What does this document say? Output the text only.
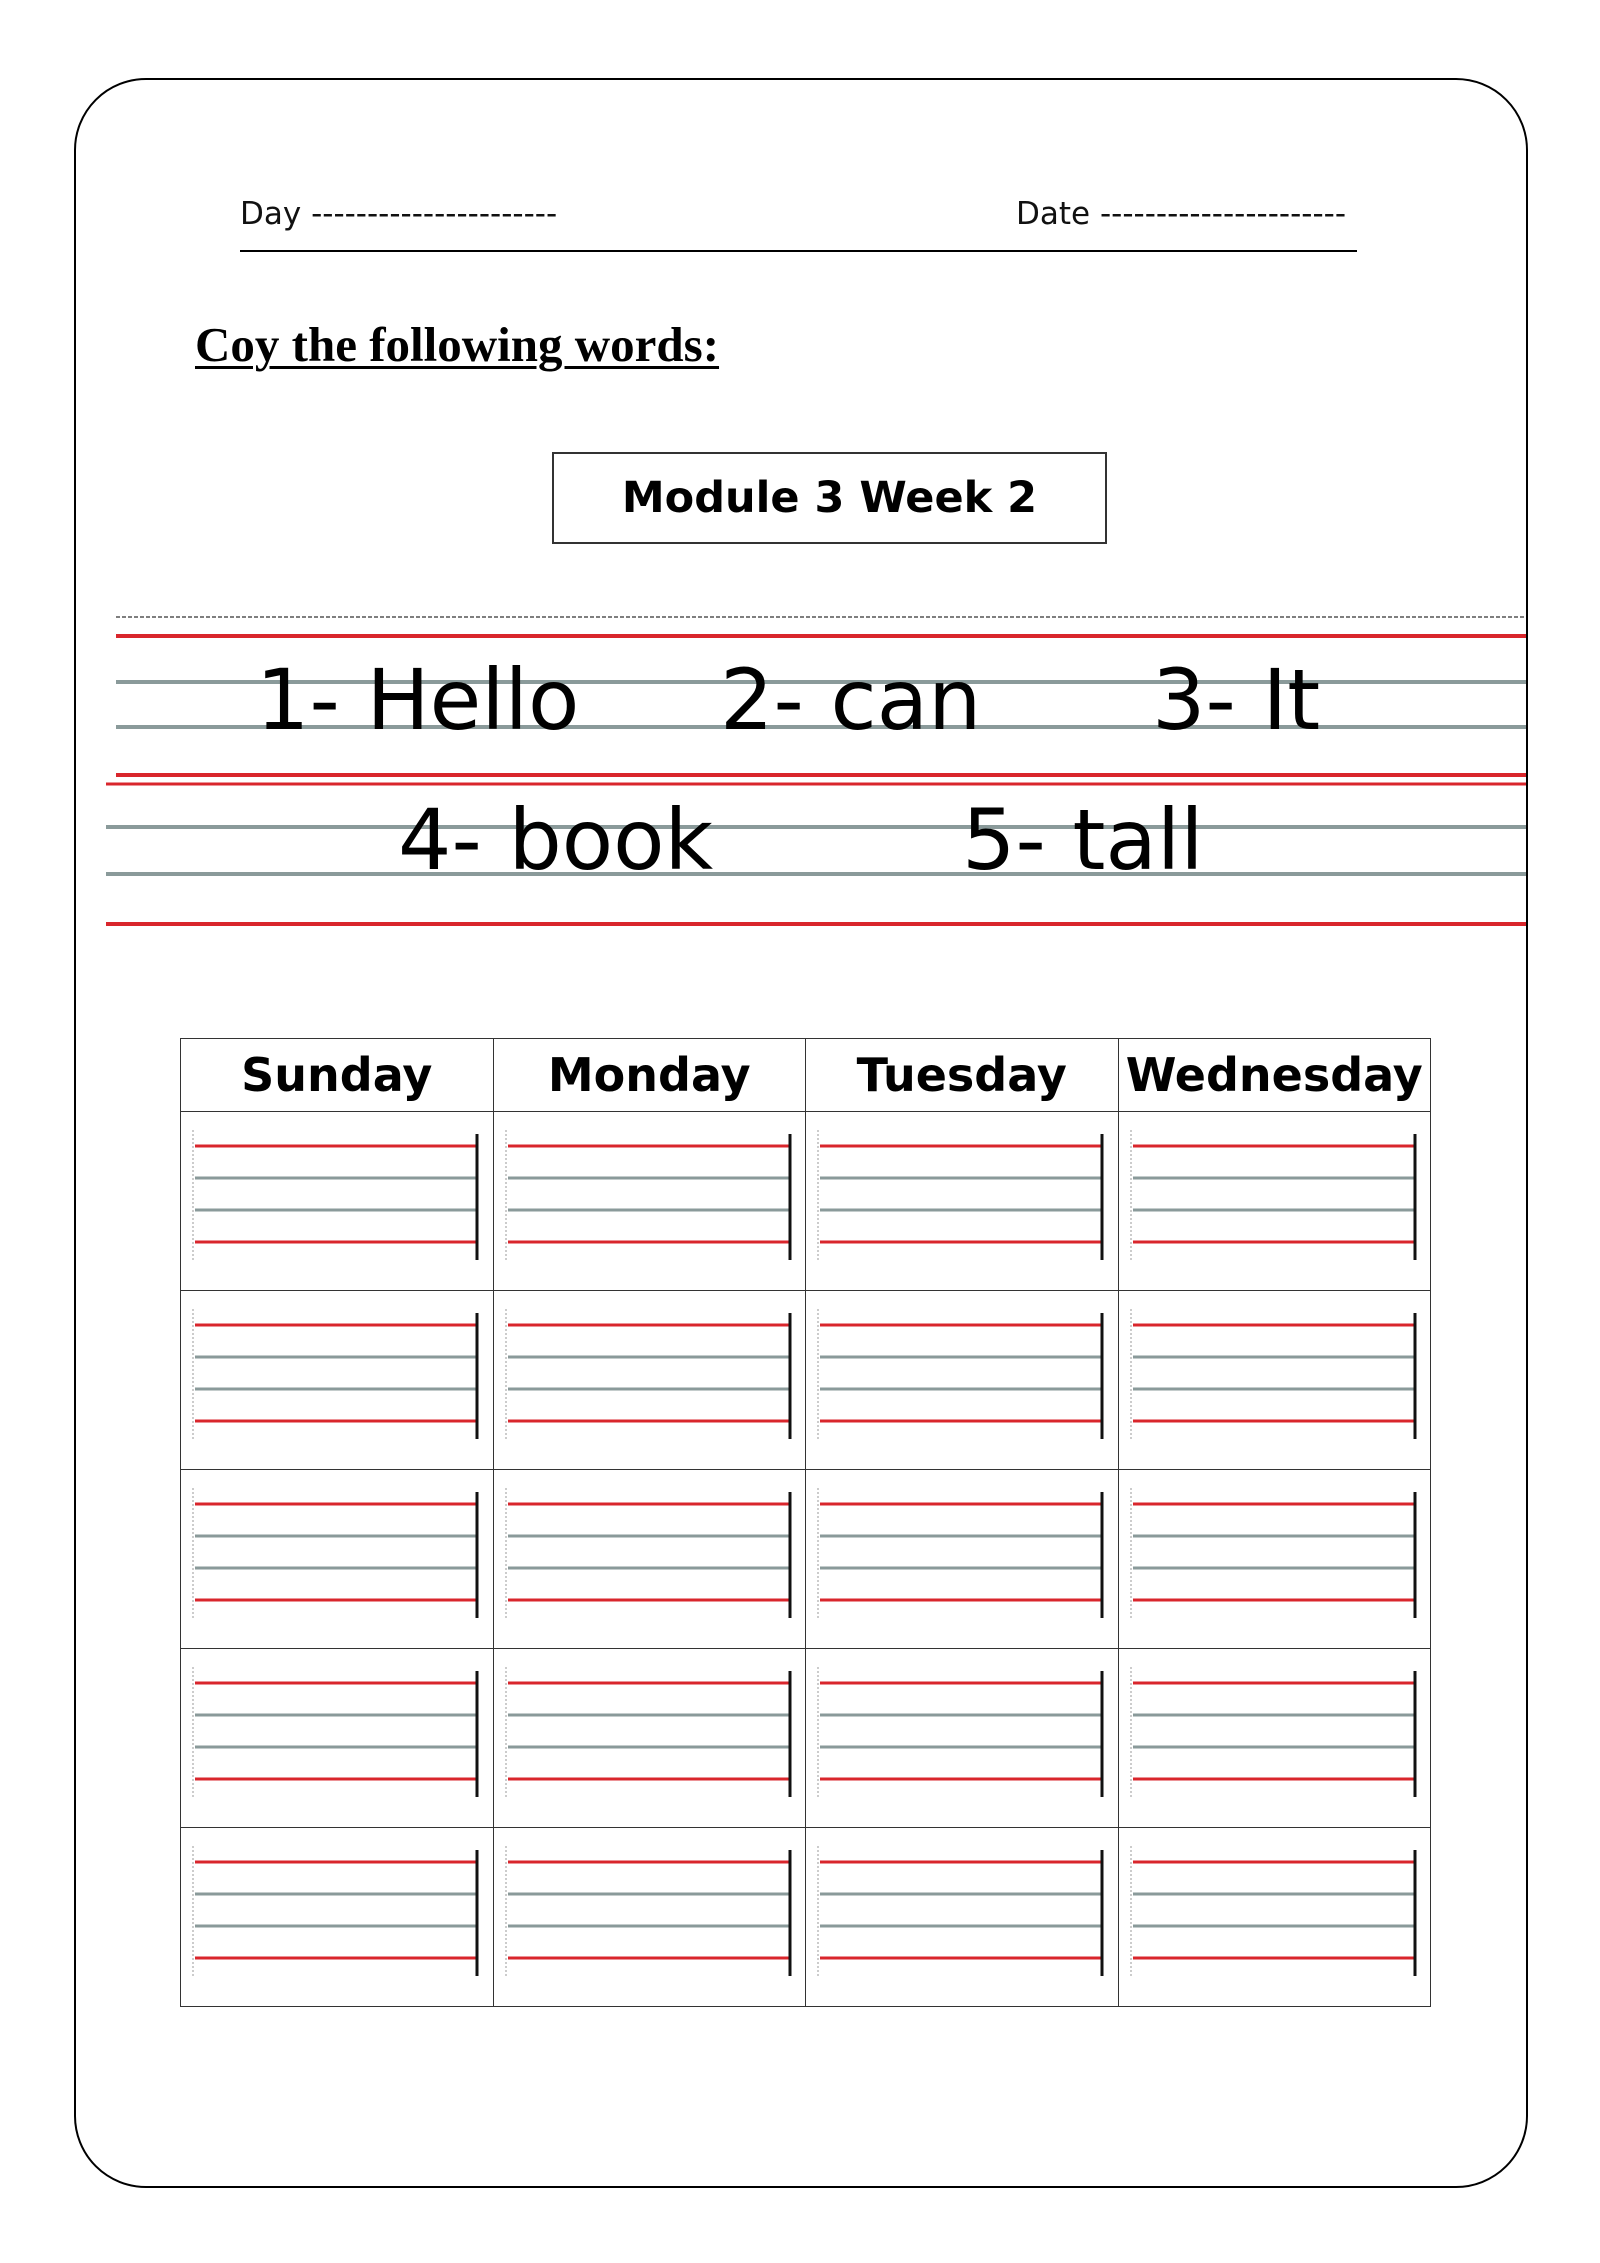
Day ----------------------	Date ----------------------
Coy the following words:
Module 3 Week 2
1- Hello 2- can 3- It
4- book	5- tall
Sunday	Monday	Tuesday	Wednesday
